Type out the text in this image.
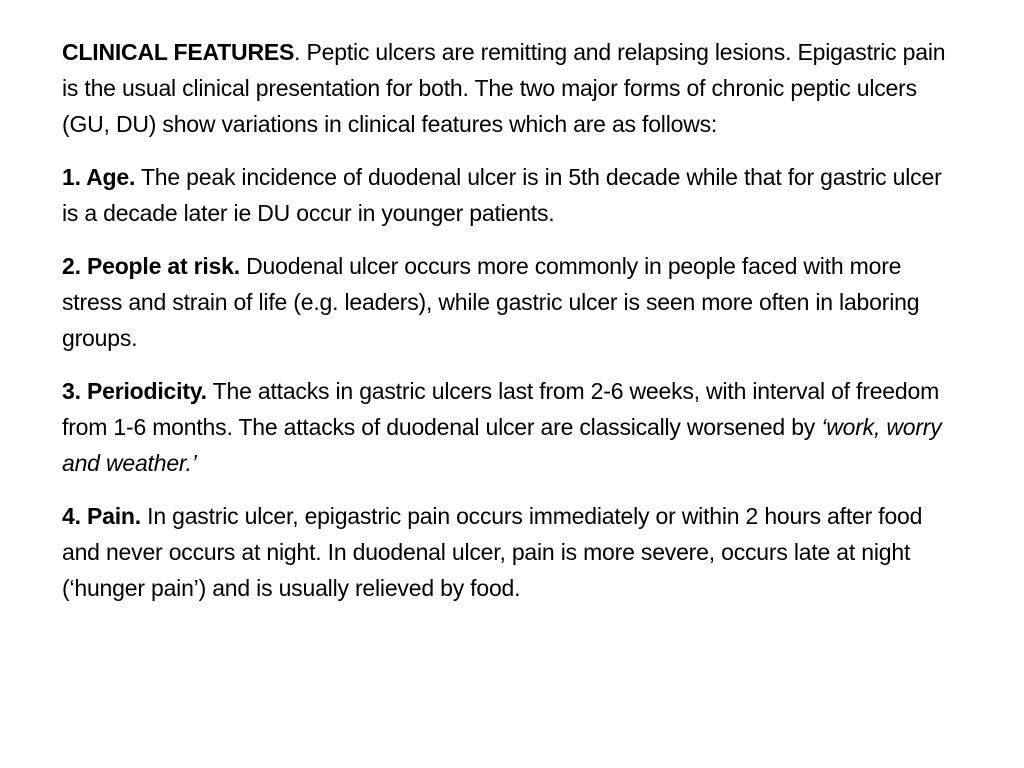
CLINICAL FEATURES. Peptic ulcers are remitting and relapsing lesions. Epigastric pain is the usual clinical presentation for both. The two major forms of chronic peptic ulcers (GU, DU) show variations in clinical features which are as follows:

1. Age. The peak incidence of duodenal ulcer is in 5th decade while that for gastric ulcer is a decade later ie DU occur in younger patients.

2. People at risk. Duodenal ulcer occurs more commonly in people faced with more stress and strain of life (e.g. leaders), while gastric ulcer is seen more often in laboring groups.

3. Periodicity. The attacks in gastric ulcers last from 2-6 weeks, with interval of freedom from 1-6 months. The attacks of duodenal ulcer are classically worsened by ‘work, worry and weather.’

4. Pain. In gastric ulcer, epigastric pain occurs immediately or within 2 hours after food and never occurs at night. In duodenal ulcer, pain is more severe, occurs late at night (‘hunger pain’) and is usually relieved by food.
